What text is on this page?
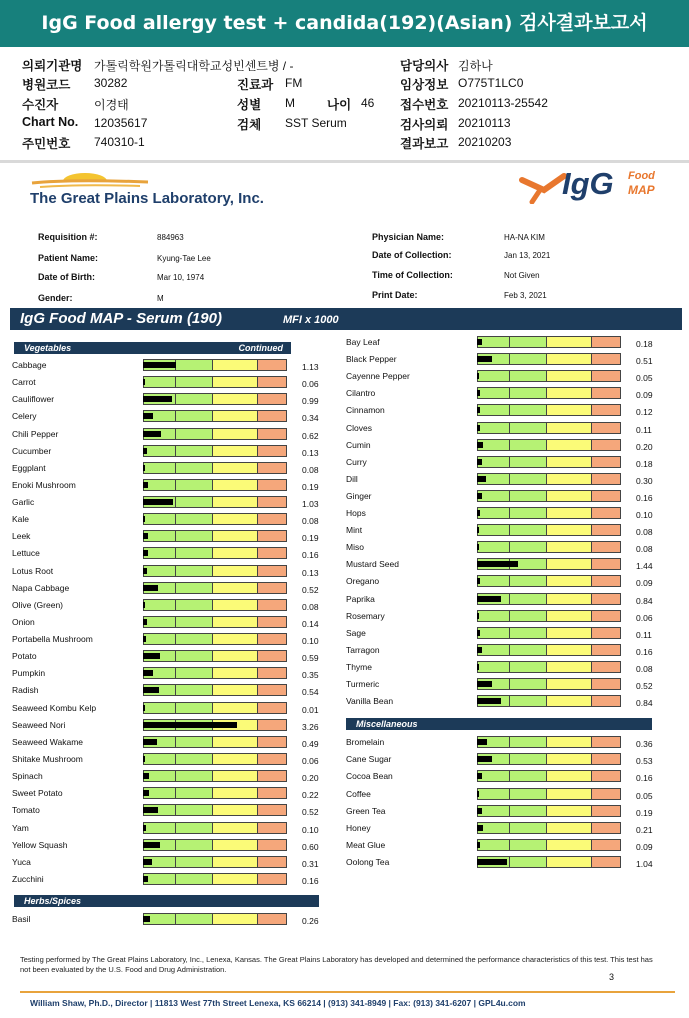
IgG Food allergy test + candida(192)(Asian) 검사결과보고서
의뢰기관명 가톨릭학원가톨릭대학교성빈센트병 / -
병원코드 30282
수진자	이경태
Chart No. 12035617
주민번호 740310-1
진료과 FM
성별 M	나이 46
검체 SST Serum
담당의사 김하나
임상정보 O775T1LC0
접수번호 20210113-25542
검사의뢰 20210113
결과보고 20210203
The Great Plains Laboratory, Inc.	IgG Food
MAP
Requisition #:	884963
Patient Name:	Kyung-Tae Lee
Date of Birth:	Mar 10, 1974
Gender:	M
Physician Name:	HA-NA KIM
Date of Collection:	Jan 13, 2021
Time of Collection:	Not Given
Print Date:	Feb 3, 2021
IgG Food MAP - Serum (190)	MFI x 1000
Vegetables	Continued
Herbs/Spices
Miscellaneous
Cabbage	1.13
Carrot	0.06
Cauliflower	0.99
Celery	0.34
Chili Pepper	0.62
Cucumber	0.13
Eggplant	0.08
Enoki Mushroom	0.19
Garlic	1.03
Kale	0.08
Leek	0.19
Lettuce	0.16
Lotus Root	0.13
Napa Cabbage	0.52
Olive (Green)	0.08
Onion	0.14
Portabella Mushroom	0.10
Potato	0.59
Pumpkin	0.35
Radish	0.54
Seaweed Kombu Kelp	0.01
Seaweed Nori	3.26
Seaweed Wakame	0.49
Shitake Mushroom	0.06
Spinach	0.20
Sweet Potato	0.22
Tomato	0.52
Yam	0.10
Yellow Squash	0.60
Yuca	0.31
Zucchini	0.16
Basil	0.26
Bay Leaf	0.18
Black Pepper	0.51
Cayenne Pepper	0.05
Cilantro	0.09
Cinnamon	0.12
Cloves	0.11
Cumin	0.20
Curry	0.18
Dill	0.30
Ginger	0.16
Hops	0.10
Mint	0.08
Miso	0.08
Mustard Seed	1.44
Oregano	0.09
Paprika	0.84
Rosemary	0.06
Sage	0.11
Tarragon	0.16
Thyme	0.08
Turmeric	0.52
Vanilla Bean	0.84
Bromelain	0.36
Cane Sugar	0.53
Cocoa Bean	0.16
Coffee	0.05
Green Tea	0.19
Honey	0.21
Meat Glue	0.09
Oolong Tea	1.04
Testing performed by The Great Plains Laboratory, Inc., Lenexa, Kansas. The Great Plains Laboratory has developed and determined the performance characteristics of this test. This test has not been evaluated by the U.S. Food and Drug Administration.
3
William Shaw, Ph.D., Director | 11813 West 77th Street Lenexa, KS 66214 | (913) 341-8949 | Fax: (913) 341-6207 | GPL4u.com
